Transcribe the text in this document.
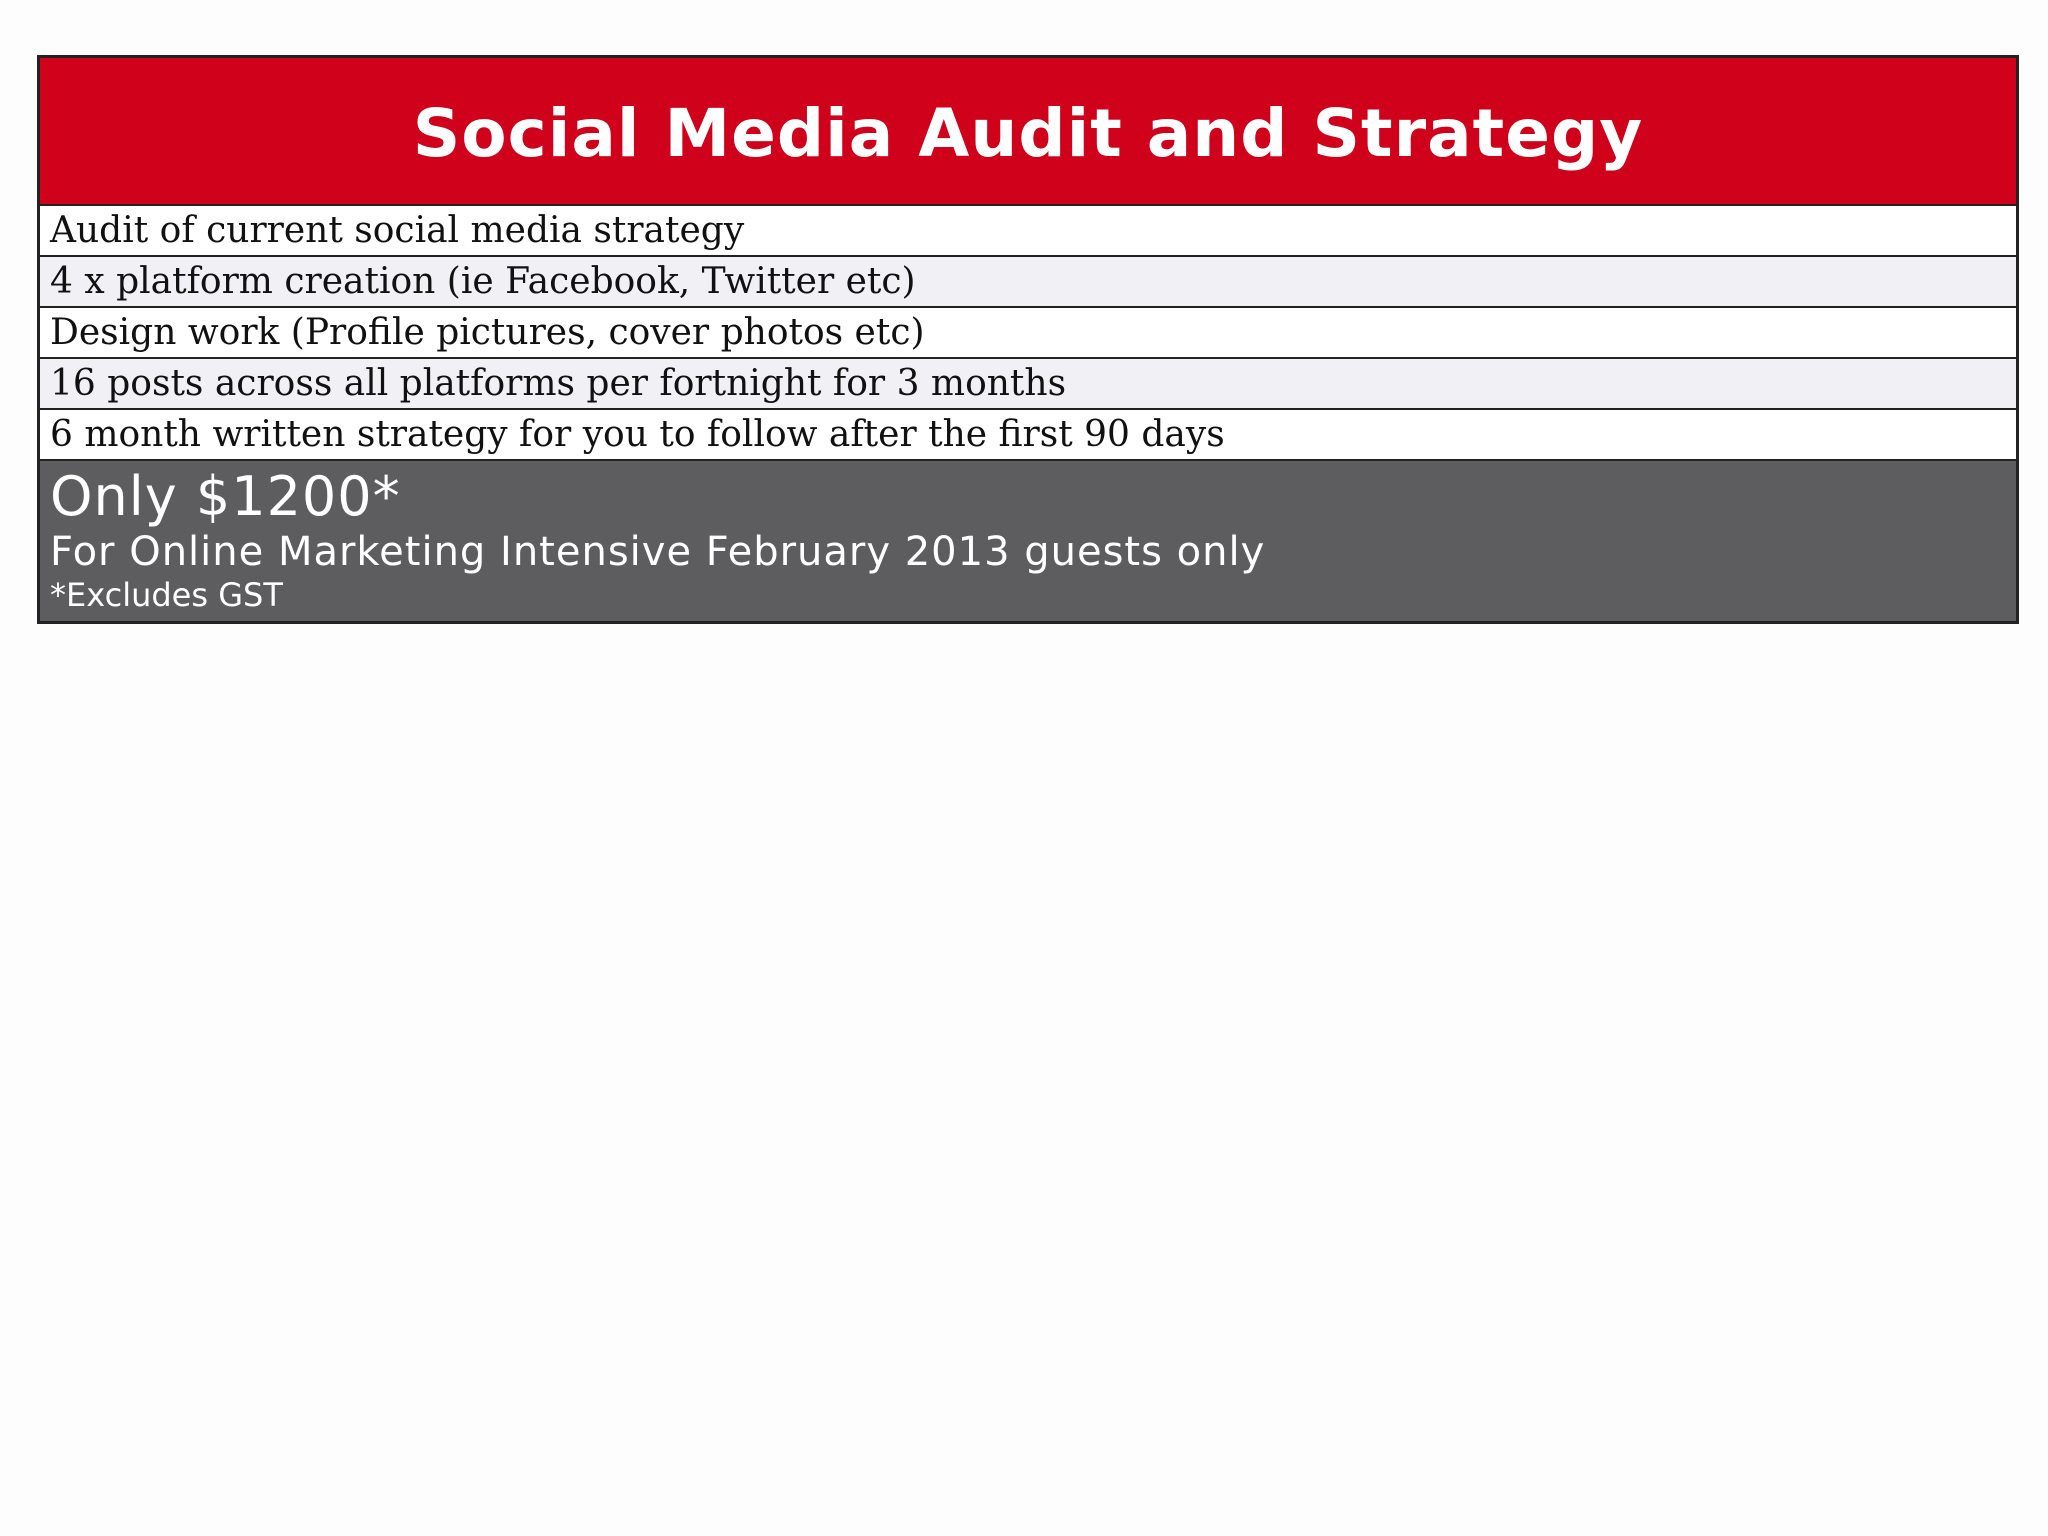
Social Media Audit and Strategy
Audit of current social media strategy
4 x platform creation (ie Facebook, Twitter etc)
Design work (Profile pictures, cover photos etc)
16 posts across all platforms per fortnight for 3 months
6 month written strategy for you to follow after the first 90 days
Only $1200*
For Online Marketing Intensive February 2013 guests only
*Excludes GST
